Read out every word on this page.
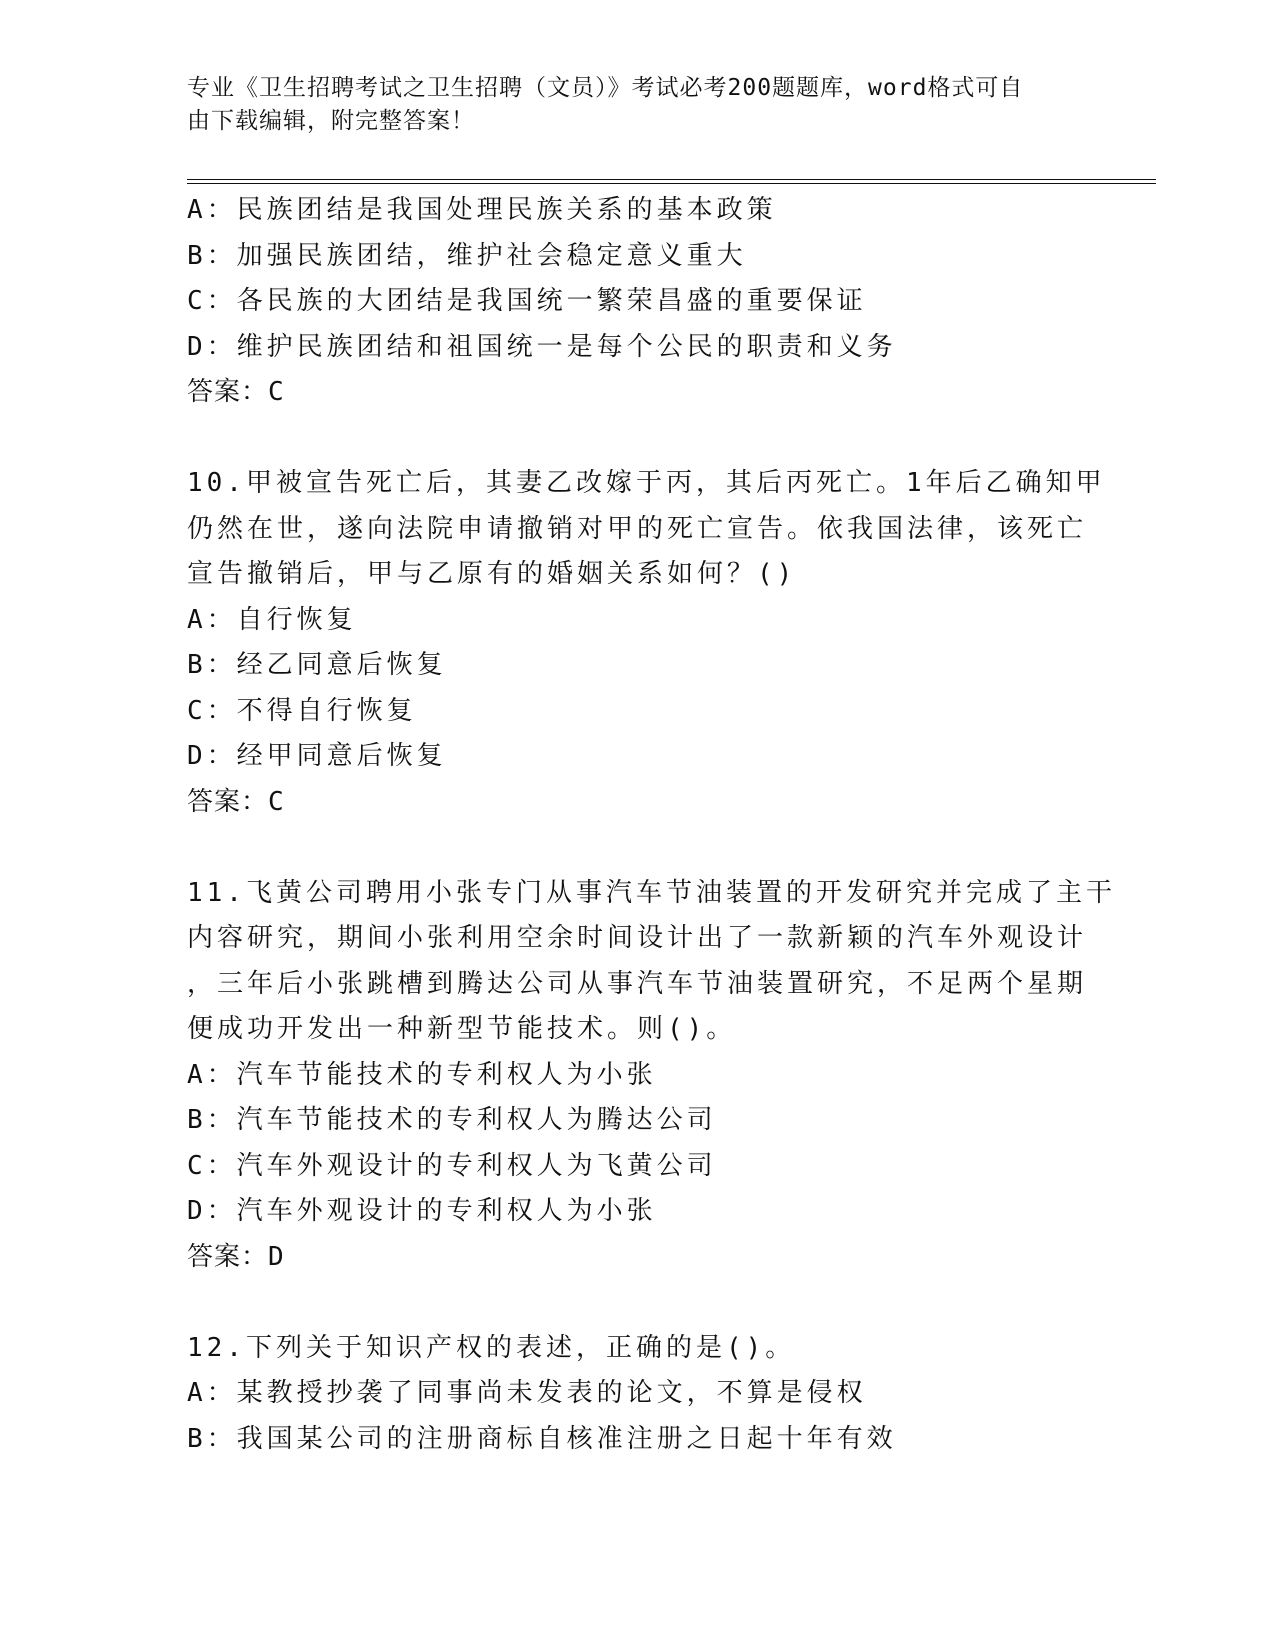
专业《卫生招聘考试之卫生招聘（文员）》考试必考200题题库，word格式可自
由下载编辑，附完整答案！
A：民族团结是我国处理民族关系的基本政策
B：加强民族团结，维护社会稳定意义重大
C：各民族的大团结是我国统一繁荣昌盛的重要保证
D：维护民族团结和祖国统一是每个公民的职责和义务
答案：C
10.甲被宣告死亡后，其妻乙改嫁于丙，其后丙死亡。1年后乙确知甲
仍然在世，遂向法院申请撤销对甲的死亡宣告。依我国法律，该死亡
宣告撤销后，甲与乙原有的婚姻关系如何？()
A：自行恢复
B：经乙同意后恢复
C：不得自行恢复
D：经甲同意后恢复
答案：C
11.飞黄公司聘用小张专门从事汽车节油装置的开发研究并完成了主干
内容研究，期间小张利用空余时间设计出了一款新颖的汽车外观设计
，三年后小张跳槽到腾达公司从事汽车节油装置研究，不足两个星期
便成功开发出一种新型节能技术。则()。
A：汽车节能技术的专利权人为小张
B：汽车节能技术的专利权人为腾达公司
C：汽车外观设计的专利权人为飞黄公司
D：汽车外观设计的专利权人为小张
答案：D
12.下列关于知识产权的表述，正确的是()。
A：某教授抄袭了同事尚未发表的论文，不算是侵权
B：我国某公司的注册商标自核准注册之日起十年有效
